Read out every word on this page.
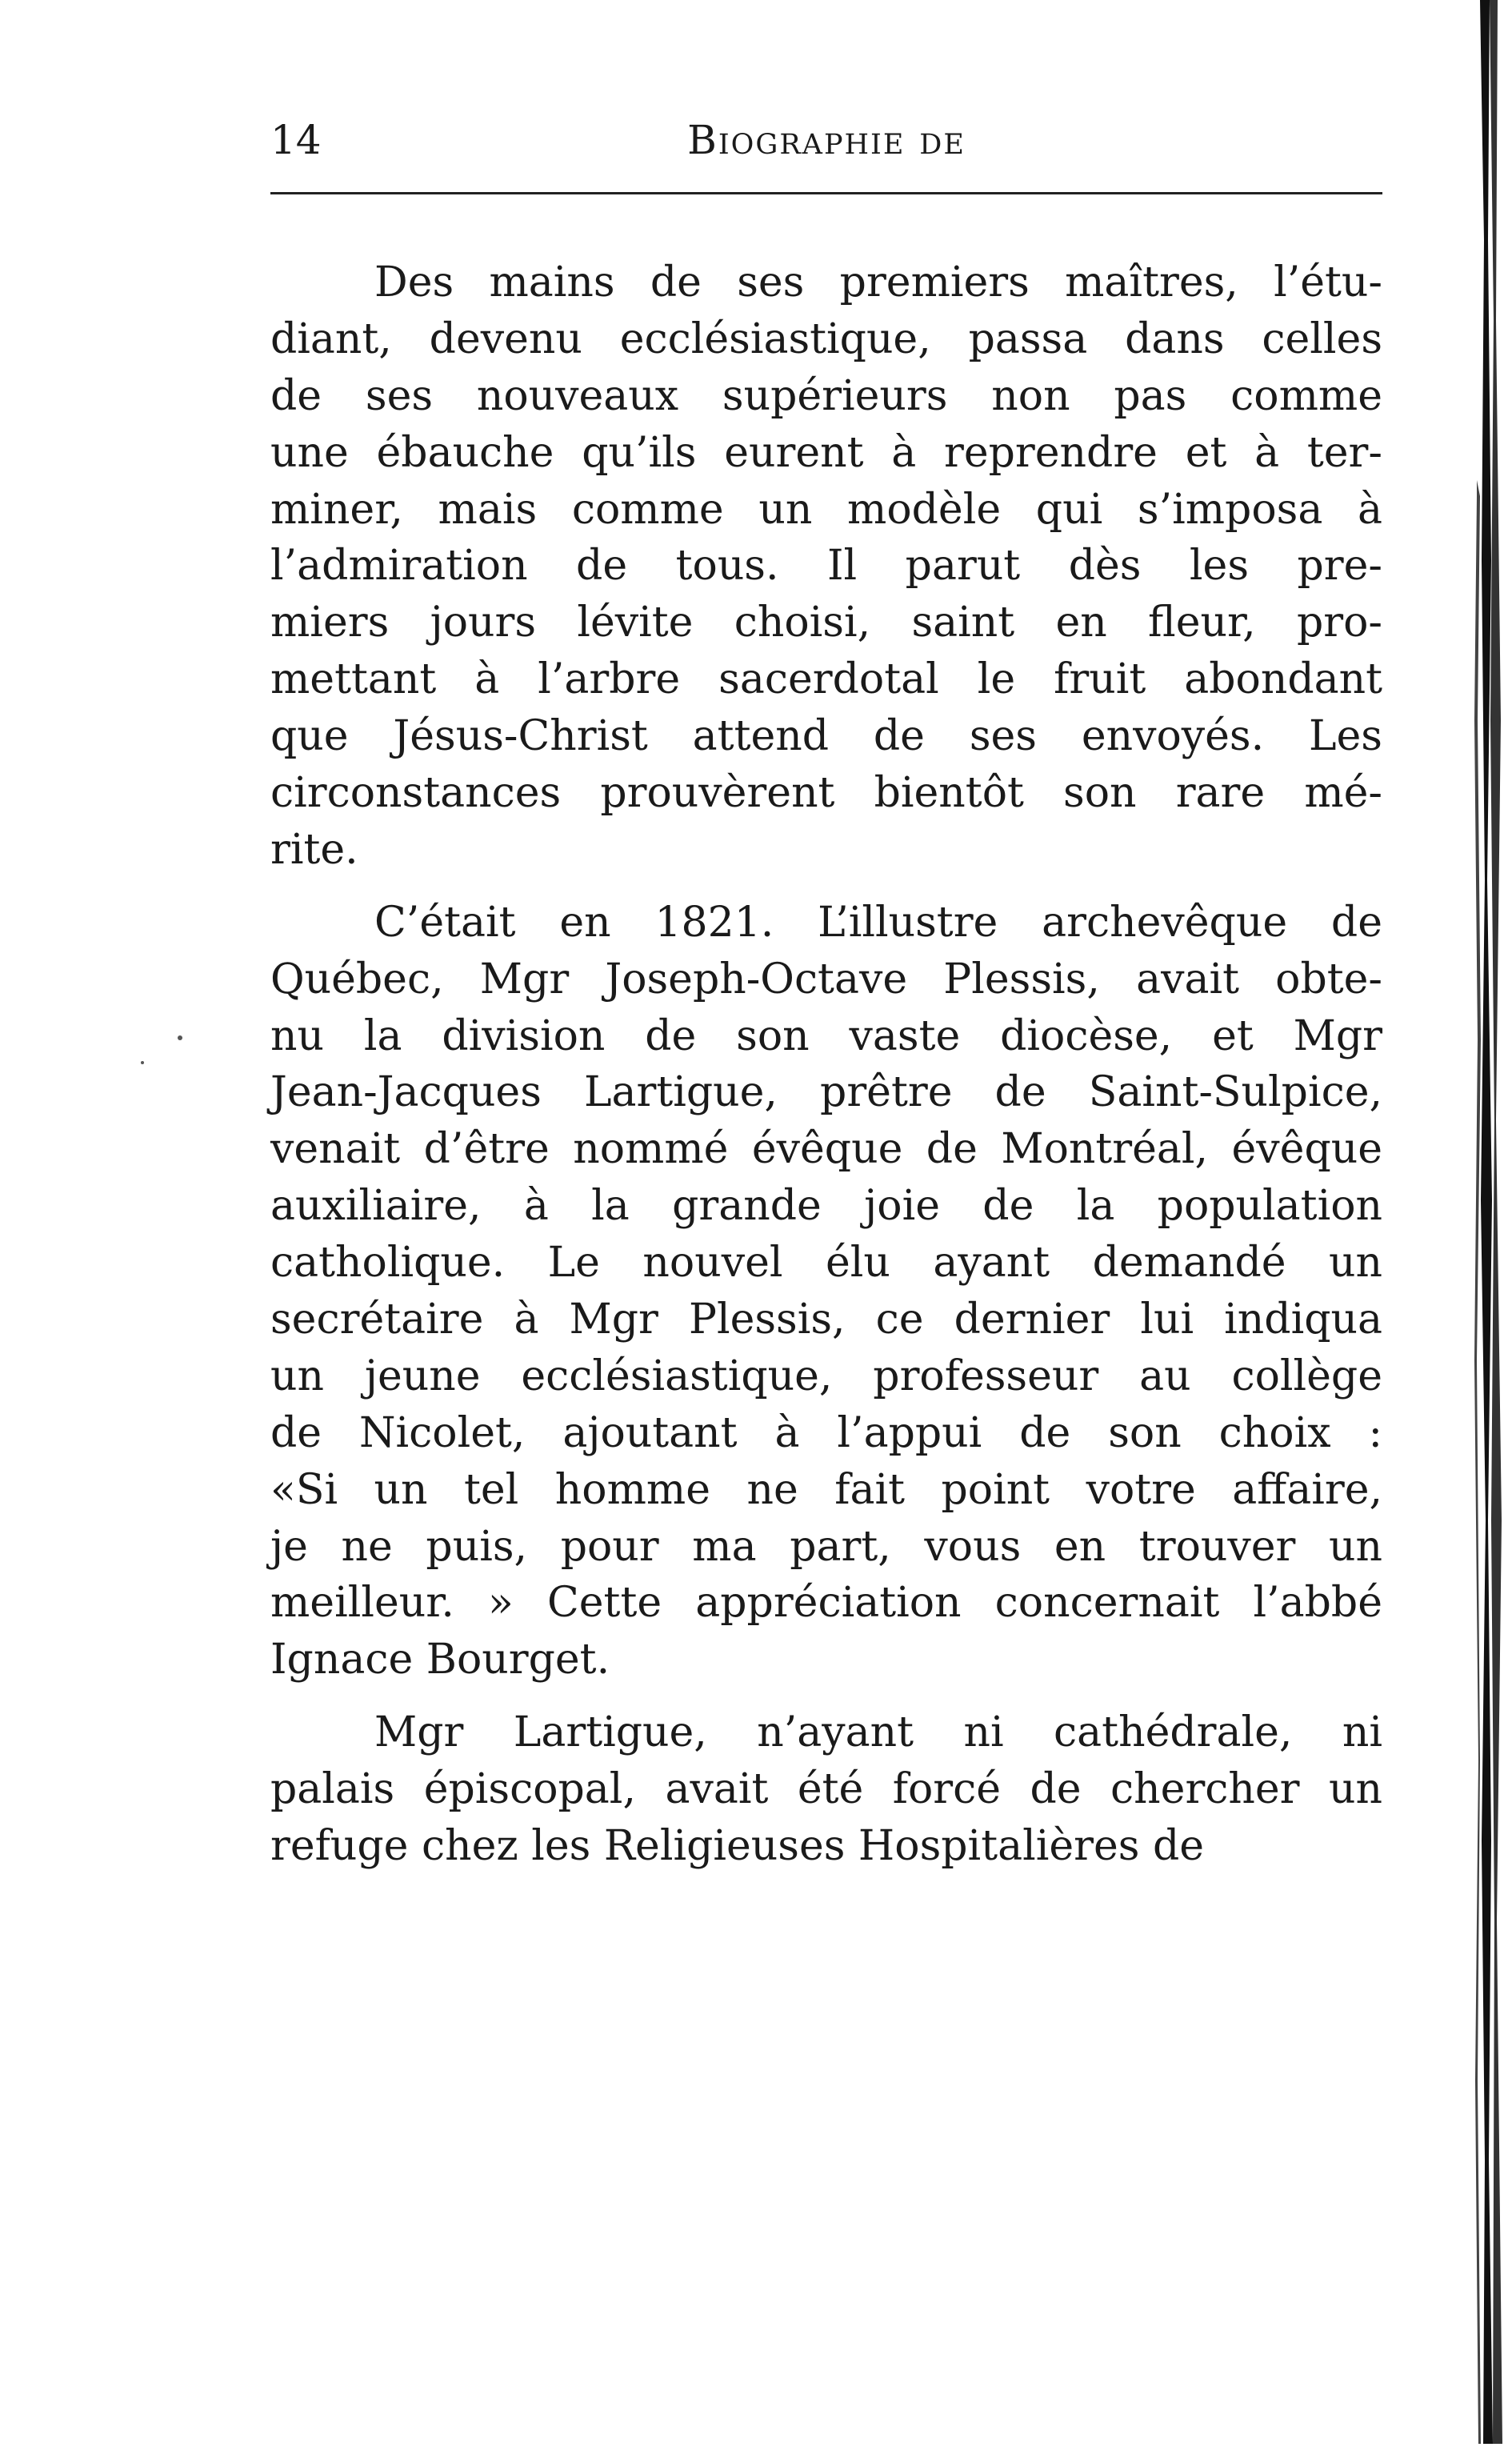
14	Biographie de
Des mains de ses premiers maîtres, l’étu-
diant, devenu ecclésiastique, passa dans celles
de ses nouveaux supérieurs non pas comme
une ébauche qu’ils eurent à reprendre et à ter-
miner, mais comme un modèle qui s’imposa à
l’admiration de tous. Il parut dès les pre-
miers jours lévite choisi, saint en fleur, pro-
mettant à l’arbre sacerdotal le fruit abondant
que Jésus-Christ attend de ses envoyés. Les
circonstances prouvèrent bientôt son rare mé-
rite.
C’était en 1821. L’illustre archevêque de
Québec, Mgr Joseph-Octave Plessis, avait obte-
nu la division de son vaste diocèse, et Mgr
Jean-Jacques Lartigue, prêtre de Saint-Sulpice,
venait d’être nommé évêque de Montréal, évêque
auxiliaire, à la grande joie de la population
catholique. Le nouvel élu ayant demandé un
secrétaire à Mgr Plessis, ce dernier lui indiqua
un jeune ecclésiastique, professeur au collège
de Nicolet, ajoutant à l’appui de son choix :
«Si un tel homme ne fait point votre affaire,
je ne puis, pour ma part, vous en trouver un
meilleur. » Cette appréciation concernait l’abbé
Ignace Bourget.
Mgr Lartigue, n’ayant ni cathédrale, ni
palais épiscopal, avait été forcé de chercher un
refuge chez les Religieuses Hospitalières de
